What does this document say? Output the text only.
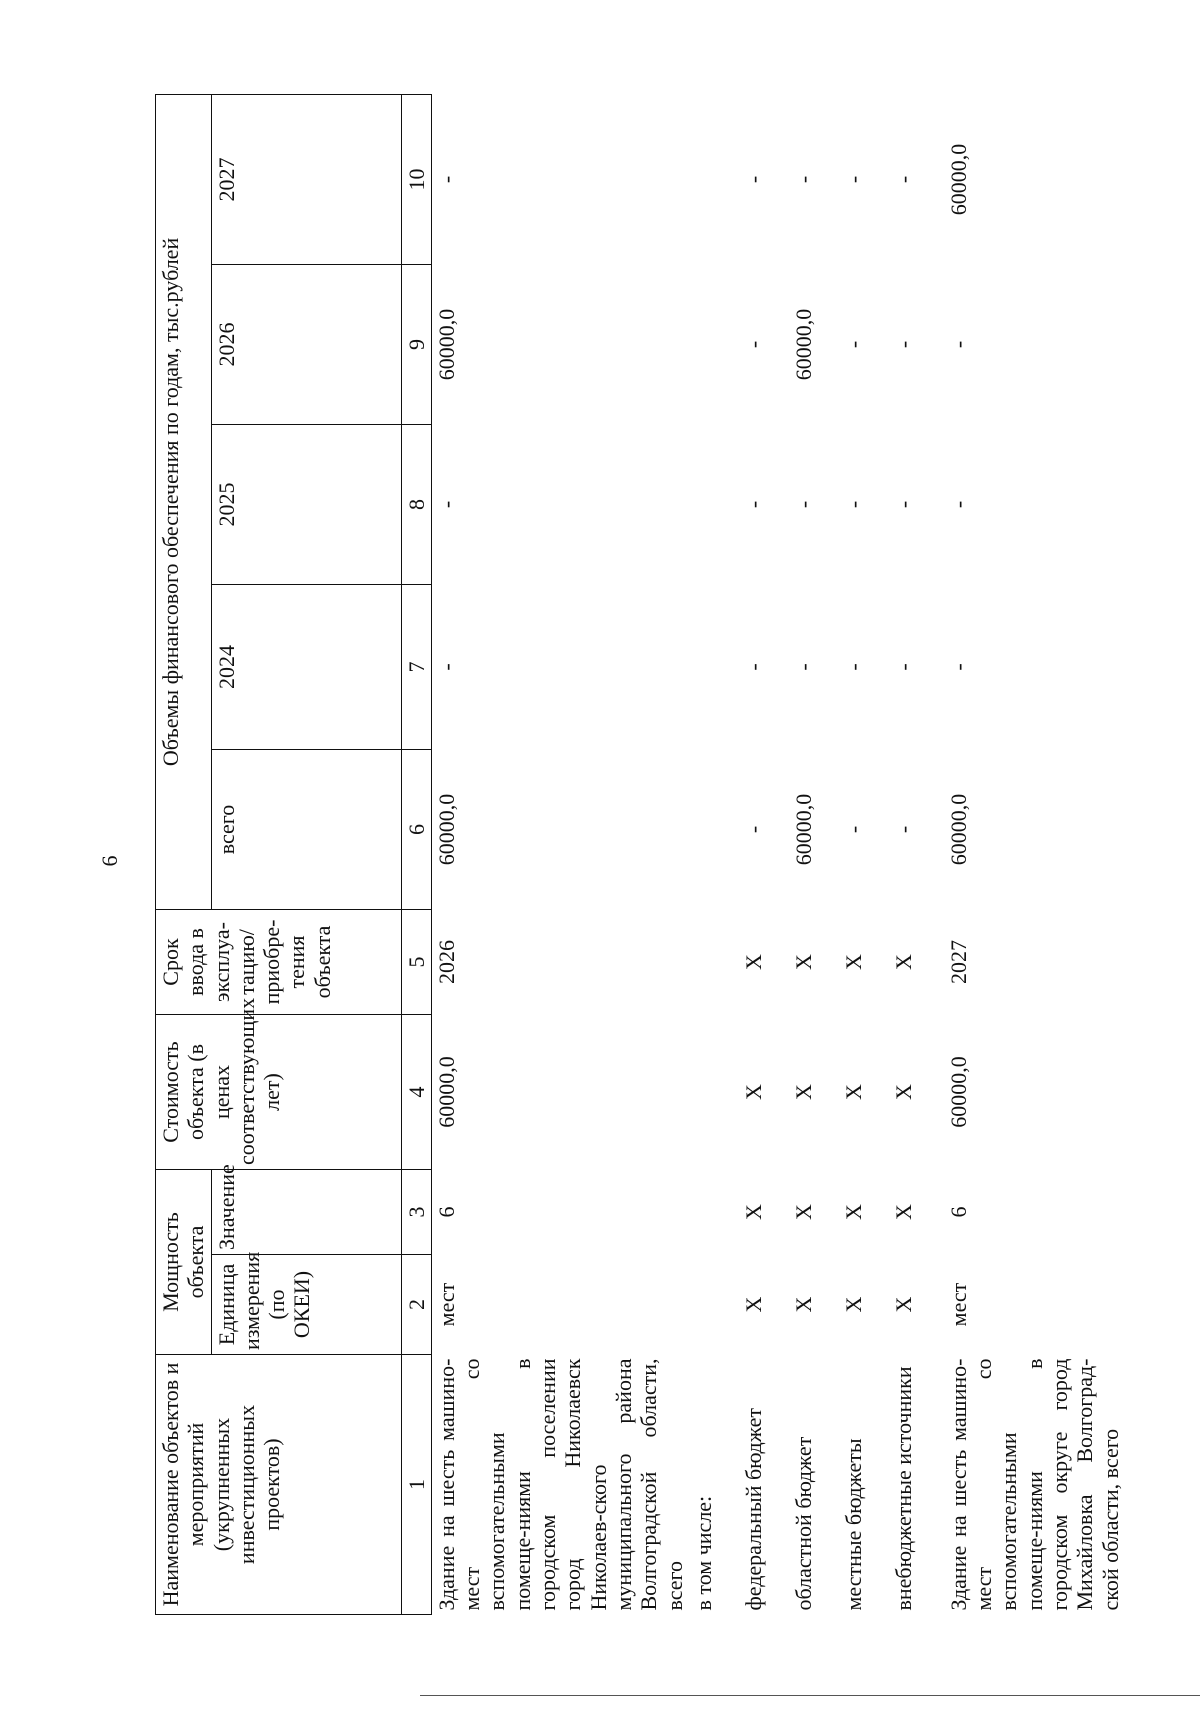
6
Наименование объектов и мероприятий (укрупненных инвестиционных проектов)	Мощность объекта		Стоимость объекта (в ценах соответствующих лет)	Срок ввода в эксплуа-тацию/ приобре-тения объекта	Объемы финансового обеспечения по годам, тыс.рублей				
	Единица измерения (по ОКЕИ)	Значение			всего	2024	2025	2026	2027
1	2	3	4	5	6	7	8	9	10
Здание на шесть машино-мест со вспомогательными помеще-ниями в городском поселении город Николаевск Николаев-ского муниципального района Волгоградской области, всего	мест	6	60000,0	2026	60000,0	-	-	60000,0	-
в том числе:									
федеральный бюджет	Х	Х	Х	Х	-	-	-	-	-
областной бюджет	Х	Х	Х	Х	60000,0	-	-	60000,0	-
местные бюджеты	Х	Х	Х	Х	-	-	-	-	-
внебюджетные источники	Х	Х	Х	Х	-	-	-	-	-
Здание на шесть машино-мест со вспомогательными помеще-ниями в городском округе город Михайловка Волгоград-ской области, всего	мест	6	60000,0	2027	60000,0	-	-	-	60000,0
